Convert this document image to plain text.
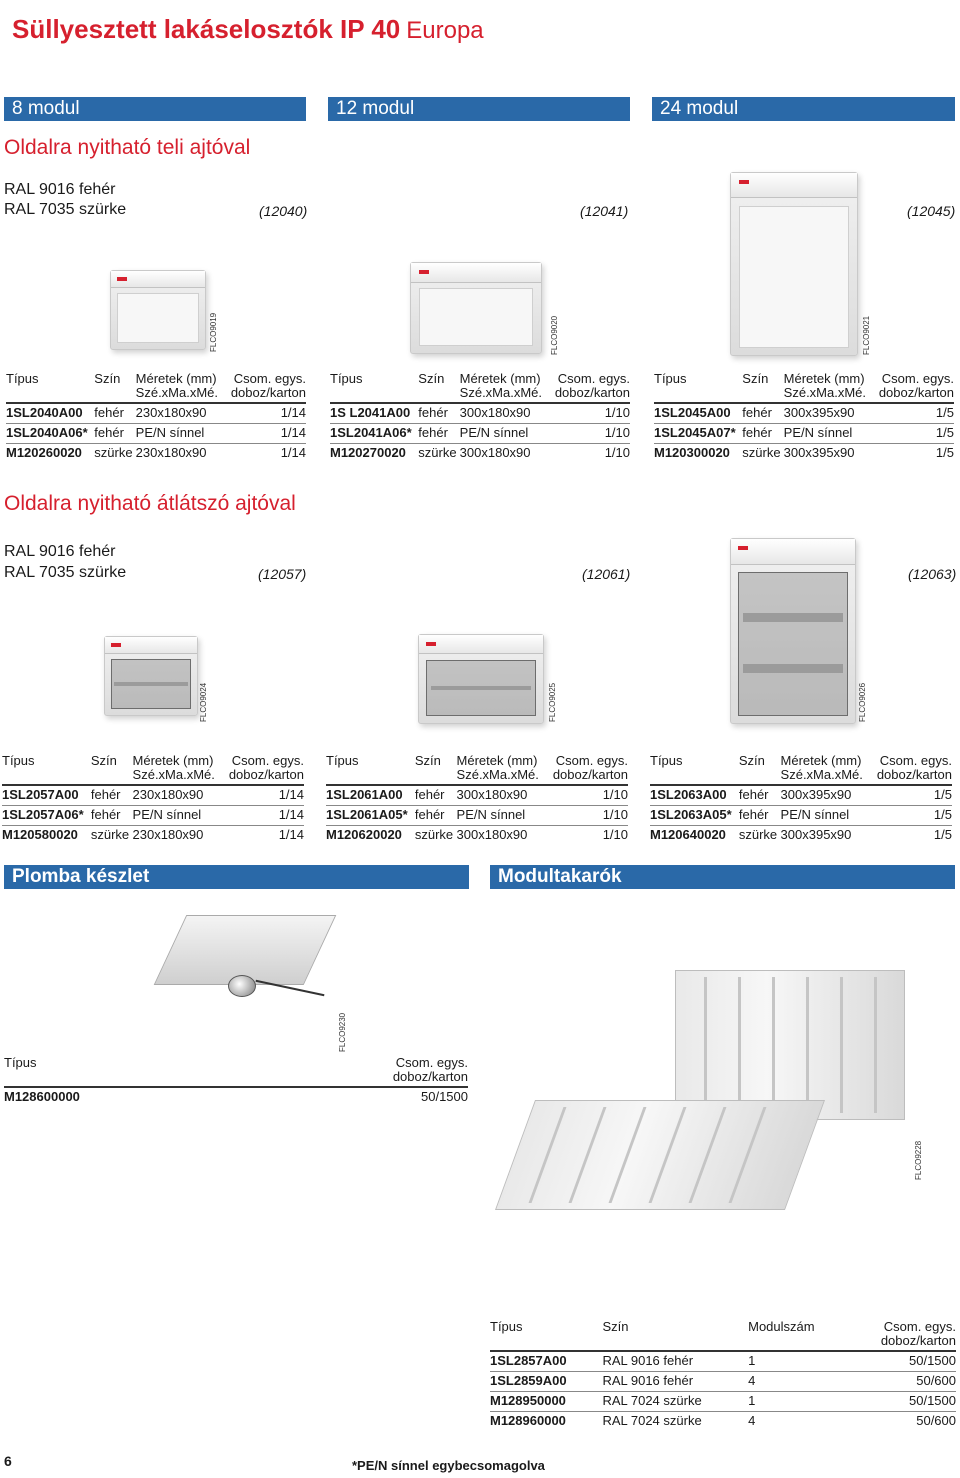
Süllyesztett lakáselosztók IP 40 Europa
8 modul	12 modul	24 modul
Oldalra nyitható teli ajtóval
RAL 9016 fehér
RAL 7035 szürke	(12040)	(12041)	(12045)
FLCO9019	FLCO9020	FLCO9021
Típus	Szín	Méretek (mm)
Szé.xMa.xMé.	Csom. egys.
doboz/karton
1SL2040A00	fehér	230x180x90	1/14
1SL2040A06*	fehér	PE/N sínnel	1/14
M120260020	szürke	230x180x90	1/14
Típus	Szín	Méretek (mm)
Szé.xMa.xMé.	Csom. egys.
doboz/karton
1S L2041A00	fehér	300x180x90	1/10
1SL2041A06*	fehér	PE/N sínnel	1/10
M120270020	szürke	300x180x90	1/10
Típus	Szín	Méretek (mm)
Szé.xMa.xMé.	Csom. egys.
doboz/karton
1SL2045A00	fehér	300x395x90	1/5
1SL2045A07*	fehér	PE/N sínnel	1/5
M120300020	szürke	300x395x90	1/5
Oldalra nyitható átlátszó ajtóval
RAL 9016 fehér
RAL 7035 szürke	(12057)	(12061)	(12063)
FLCO9024	FLCO9025	FLCO9026
Típus	Szín	Méretek (mm)
Szé.xMa.xMé.	Csom. egys.
doboz/karton
1SL2057A00	fehér	230x180x90	1/14
1SL2057A06*	fehér	PE/N sínnel	1/14
M120580020	szürke	230x180x90	1/14
Típus	Szín	Méretek (mm)
Szé.xMa.xMé.	Csom. egys.
doboz/karton
1SL2061A00	fehér	300x180x90	1/10
1SL2061A05*	fehér	PE/N sínnel	1/10
M120620020	szürke	300x180x90	1/10
Típus	Szín	Méretek (mm)
Szé.xMa.xMé.	Csom. egys.
doboz/karton
1SL2063A00	fehér	300x395x90	1/5
1SL2063A05*	fehér	PE/N sínnel	1/5
M120640020	szürke	300x395x90	1/5
Plomba készlet	Modultakarók
FLCO9230
Típus	Csom. egys.
doboz/karton
M128600000	50/1500
FLCO9228
Típus	Szín	Modulszám	Csom. egys.
doboz/karton
1SL2857A00	RAL 9016 fehér	1	50/1500
1SL2859A00	RAL 9016 fehér	4	50/600
M128950000	RAL 7024 szürke	1	50/1500
M128960000	RAL 7024 szürke	4	50/600
6	*PE/N sínnel egybecsomagolva
